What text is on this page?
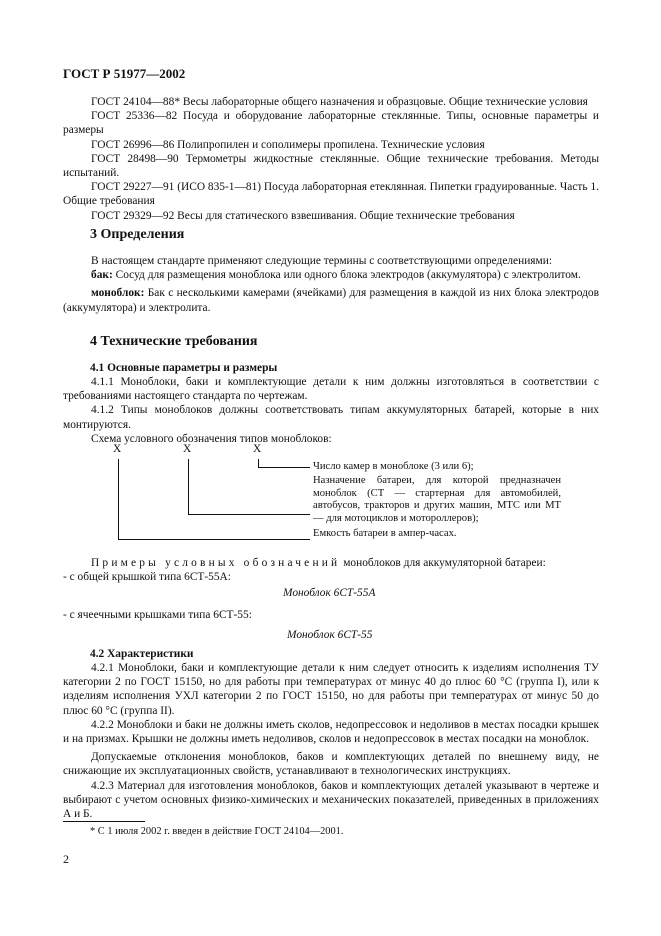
ГОСТ Р 51977—2002

ГОСТ 24104—88* Весы лабораторные общего назначения и образцовые. Общие технические условия

ГОСТ 25336—82 Посуда и оборудование лабораторные стеклянные. Типы, основные параметры и размеры

ГОСТ 26996—86 Полипропилен и сополимеры пропилена. Технические условия

ГОСТ 28498—90 Термометры жидкостные стеклянные. Общие технические требования. Методы испытаний.

ГОСТ 29227—91 (ИСО 835-1—81) Посуда лабораторная етеклянная. Пипетки градуированные. Часть 1. Общие требования

ГОСТ 29329—92 Весы для статического взвешивания. Общие технические требования

3 Определения

В настоящем стандарте применяют следующие термины с соответствующими определениями:

бак: Сосуд для размещения моноблока или одного блока электродов (аккумулятора) с электролитом.

моноблок: Бак с несколькими камерами (ячейками) для размещения в каждой из них блока электродов (аккумулятора) и электролита.

4 Технические требования
4.1 Основные параметры и размеры

4.1.1 Моноблоки, баки и комплектующие детали к ним должны изготовляться в соответствии с требованиями настоящего стандарта по чертежам.

4.1.2 Типы моноблоков должны соответствовать типам аккумуляторных батарей, которые в них монтируются.

Схема условного обозначения типов моноблоков:

Х	Х	Х
Число камер в моноблоке (3 или 6);
Назначение батареи, для которой предназначен моноблок (СТ — стартерная для автомобилей, автобусов, тракторов и других машин, МТС или МТ — для мотоциклов и мотороллеров);
Емкость батареи в ампер-часах.

Примеры условных обозначений моноблоков для аккумуляторной батареи:

- с общей крышкой типа 6СТ-55А:

Моноблок 6СТ-55А

- с ячеечными крышками типа 6СТ-55:

Моноблок 6СТ-55
4.2 Характеристики

4.2.1 Моноблоки, баки и комплектующие детали к ним следует относить к изделиям исполнения ТУ категории 2 по ГОСТ 15150, но для работы при температурах от минус 40 до плюс 60 °С (группа I), или к изделиям исполнения УХЛ категории 2 по ГОСТ 15150, но для работы при температурах от минус 50 до плюс 60 °С (группа II).

4.2.2 Моноблоки и баки не должны иметь сколов, недопрессовок и недоливов в местах посадки крышек и на призмах. Крышки не должны иметь недоливов, сколов и недопрессовок в местах посадки на моноблок.

Допускаемые отклонения моноблоков, баков и комплектующих деталей по внешнему виду, не снижающие их эксплуатационных свойств, устанавливают в технологических инструкциях.

4.2.3 Материал для изготовления моноблоков, баков и комплектующих деталей указывают в чертеже и выбирают с учетом основных физико-химических и механических показателей, приведенных в приложениях А и Б.

* С 1 июля 2002 г. введен в действие ГОСТ 24104—2001.
2
